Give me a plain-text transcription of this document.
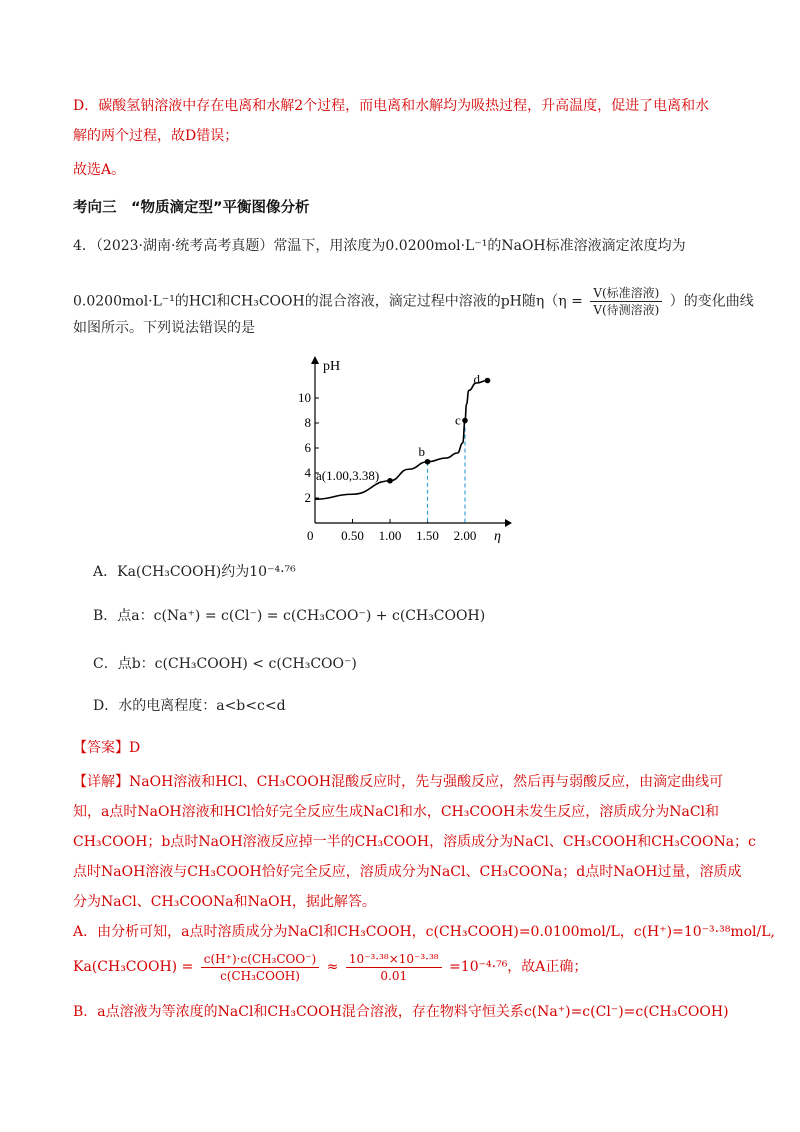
D．碳酸氢钠溶液中存在电离和水解2个过程，而电离和水解均为吸热过程，升高温度，促进了电离和水
解的两个过程，故D错误；
故选A。
考向三　“物质滴定型”平衡图像分析
4．（2023·湖南·统考高考真题）常温下，用浓度为0.0200mol·L⁻¹的NaOH标准溶液滴定浓度均为
0.0200mol·L⁻¹的HCl和CH₃COOH的混合溶液，滴定过程中溶液的pH随$\eta(\eta = \frac{\text{V(标准溶液)}}{\text{V(待测溶液)}}$ ）的变化曲线
如图所示。下列说法错误的是
0.50 1.00 1.50 2.00
2
4
6
8
10
a(1.00,3.38)
b
c
d
pH
η
0
A．Ka(CH₃COOH)约为10⁻⁴·⁷⁶
B．点a：c(Na⁺) = c(Cl⁻) = c(CH₃COO⁻) + c(CH₃COOH)
C．点b：c(CH₃COOH) < c(CH₃COO⁻)
D．水的电离程度：a<b<c<d
【答案】D
【详解】NaOH溶液和HCl、CH₃COOH混酸反应时，先与强酸反应，然后再与弱酸反应，由滴定曲线可
知，a点时NaOH溶液和HCl恰好完全反应生成NaCl和水，CH₃COOH未发生反应，溶质成分为NaCl和
CH₃COOH；b点时NaOH溶液反应掉一半的CH₃COOH，溶质成分为NaCl、CH₃COOH和CH₃COONa；c
点时NaOH溶液与CH₃COOH恰好完全反应，溶质成分为NaCl、CH₃COONa；d点时NaOH过量，溶质成
分为NaCl、CH₃COONa和NaOH，据此解答。
A．由分析可知，a点时溶质成分为NaCl和CH₃COOH，c(CH₃COOH)=0.0100mol/L，c(H⁺)=10⁻³·³⁸mol/L,
Ka(CH₃COOH) = $\frac{\text{c(H⁺)·c(CH₃COO⁻)}}{\text{c(CH₃COOH)}} \approx \frac{\text{10⁻³·³⁸×10⁻³·³⁸}}{0.01} =10^{-4}\cdot^{76}$，故A正确；
B．a点溶液为等浓度的NaCl和CH₃COOH混合溶液，存在物料守恒关系c(Na⁺)=c(Cl⁻)=c(CH₃COOH)
